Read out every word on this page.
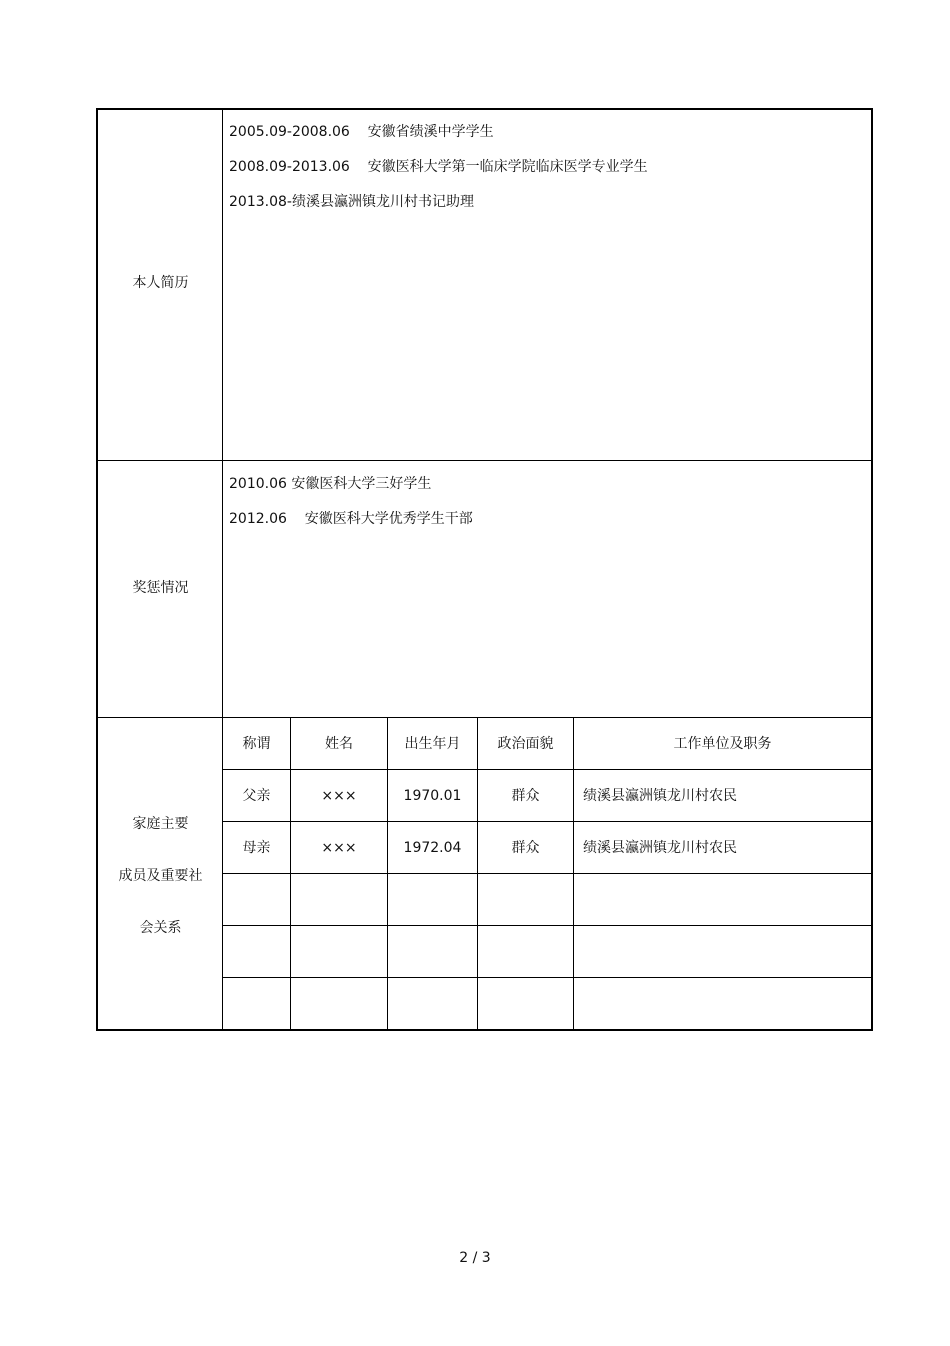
本人简历
2005.09-2008.06    安徽省绩溪中学学生
2008.09-2013.06    安徽医科大学第一临床学院临床医学专业学生
2013.08-绩溪县瀛洲镇龙川村书记助理
奖惩情况
2010.06 安徽医科大学三好学生
2012.06    安徽医科大学优秀学生干部
家庭主要
成员及重要社
会关系
称谓	姓名	出生年月	政治面貌	工作单位及职务
父亲	×××	1970.01	群众	绩溪县瀛洲镇龙川村农民
母亲	×××	1972.04	群众	绩溪县瀛洲镇龙川村农民
2 / 3
